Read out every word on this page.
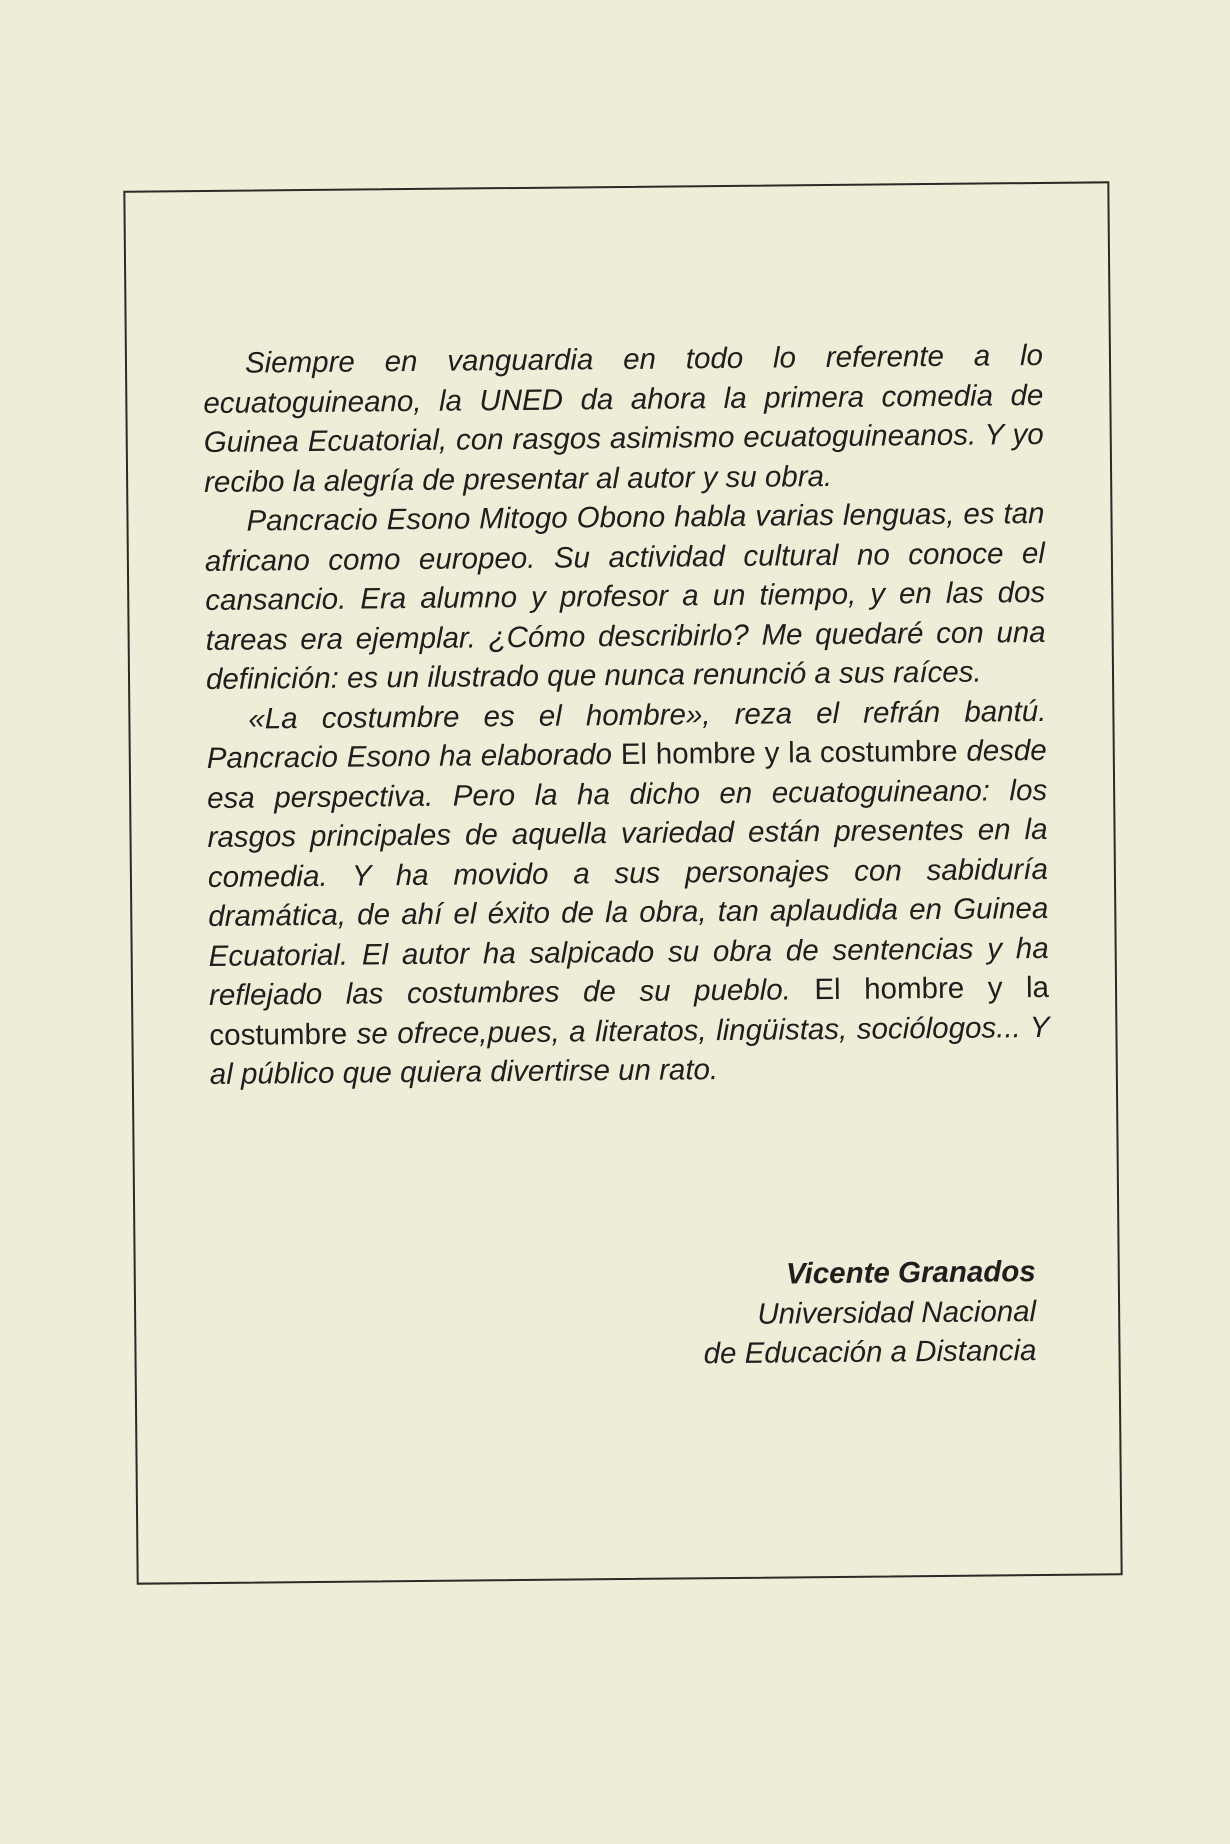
Siempre en vanguardia en todo lo referente a lo ecuatoguineano, la UNED da ahora la primera comedia de Guinea Ecuatorial, con rasgos asimismo ecuatoguineanos. Y yo recibo la alegría de presentar al autor y su obra.

Pancracio Esono Mitogo Obono habla varias lenguas, es tan africano como europeo. Su actividad cultural no conoce el cansancio. Era alumno y profesor a un tiempo, y en las dos tareas era ejemplar. ¿Cómo describirlo? Me quedaré con una definición: es un ilustrado que nunca renunció a sus raíces.

«La costumbre es el hombre», reza el refrán bantú. Pancracio Esono ha elaborado El hombre y la costumbre desde esa perspectiva. Pero la ha dicho en ecuatoguineano: los rasgos principales de aquella variedad están presentes en la comedia. Y ha movido a sus personajes con sabiduría dramática, de ahí el éxito de la obra, tan aplaudida en Guinea Ecuatorial. El autor ha salpicado su obra de sentencias y ha reflejado las costumbres de su pueblo. El hombre y la costumbre se ofrece,pues, a literatos, lingüistas, sociólogos... Y al público que quiera divertirse un rato.

Vicente Granados
Universidad Nacional
de Educación a Distancia
